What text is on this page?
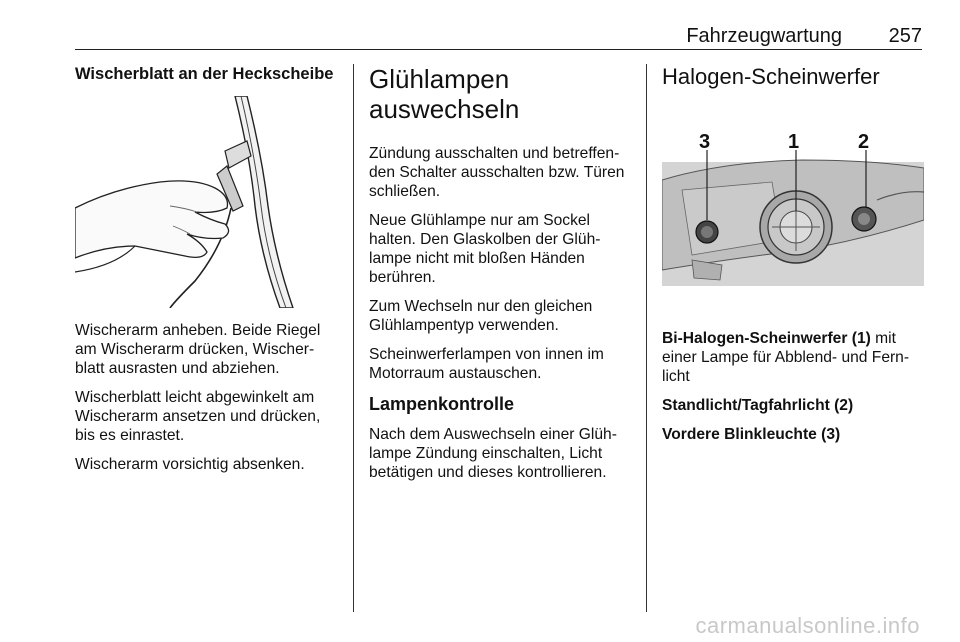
Fahrzeugwartung 257
Wischerblatt an der Heckscheibe

Wischerarm anheben. Beide Riegel am Wischerarm drücken, Wischerblatt ausrasten und abziehen.

Wischerblatt leicht abgewinkelt am Wischerarm ansetzen und drücken, bis es einrastet.

Wischerarm vorsichtig absenken.

Glühlampen auswechseln

Zündung ausschalten und betreffenden Schalter ausschalten bzw. Türen schließen.

Neue Glühlampe nur am Sockel halten. Den Glaskolben der Glühlampe nicht mit bloßen Händen berühren.

Zum Wechseln nur den gleichen Glühlampentyp verwenden.

Scheinwerferlampen von innen im Motorraum austauschen.

Lampenkontrolle

Nach dem Auswechseln einer Glühlampe Zündung einschalten, Licht betätigen und dieses kontrollieren.

Halogen-Scheinwerfer
3	1	2

Bi-Halogen-Scheinwerfer (1) mit einer Lampe für Abblend- und Fernlicht

Standlicht/Tagfahrlicht (2)

Vordere Blinkleuchte (3)

carmanualsonline.info
